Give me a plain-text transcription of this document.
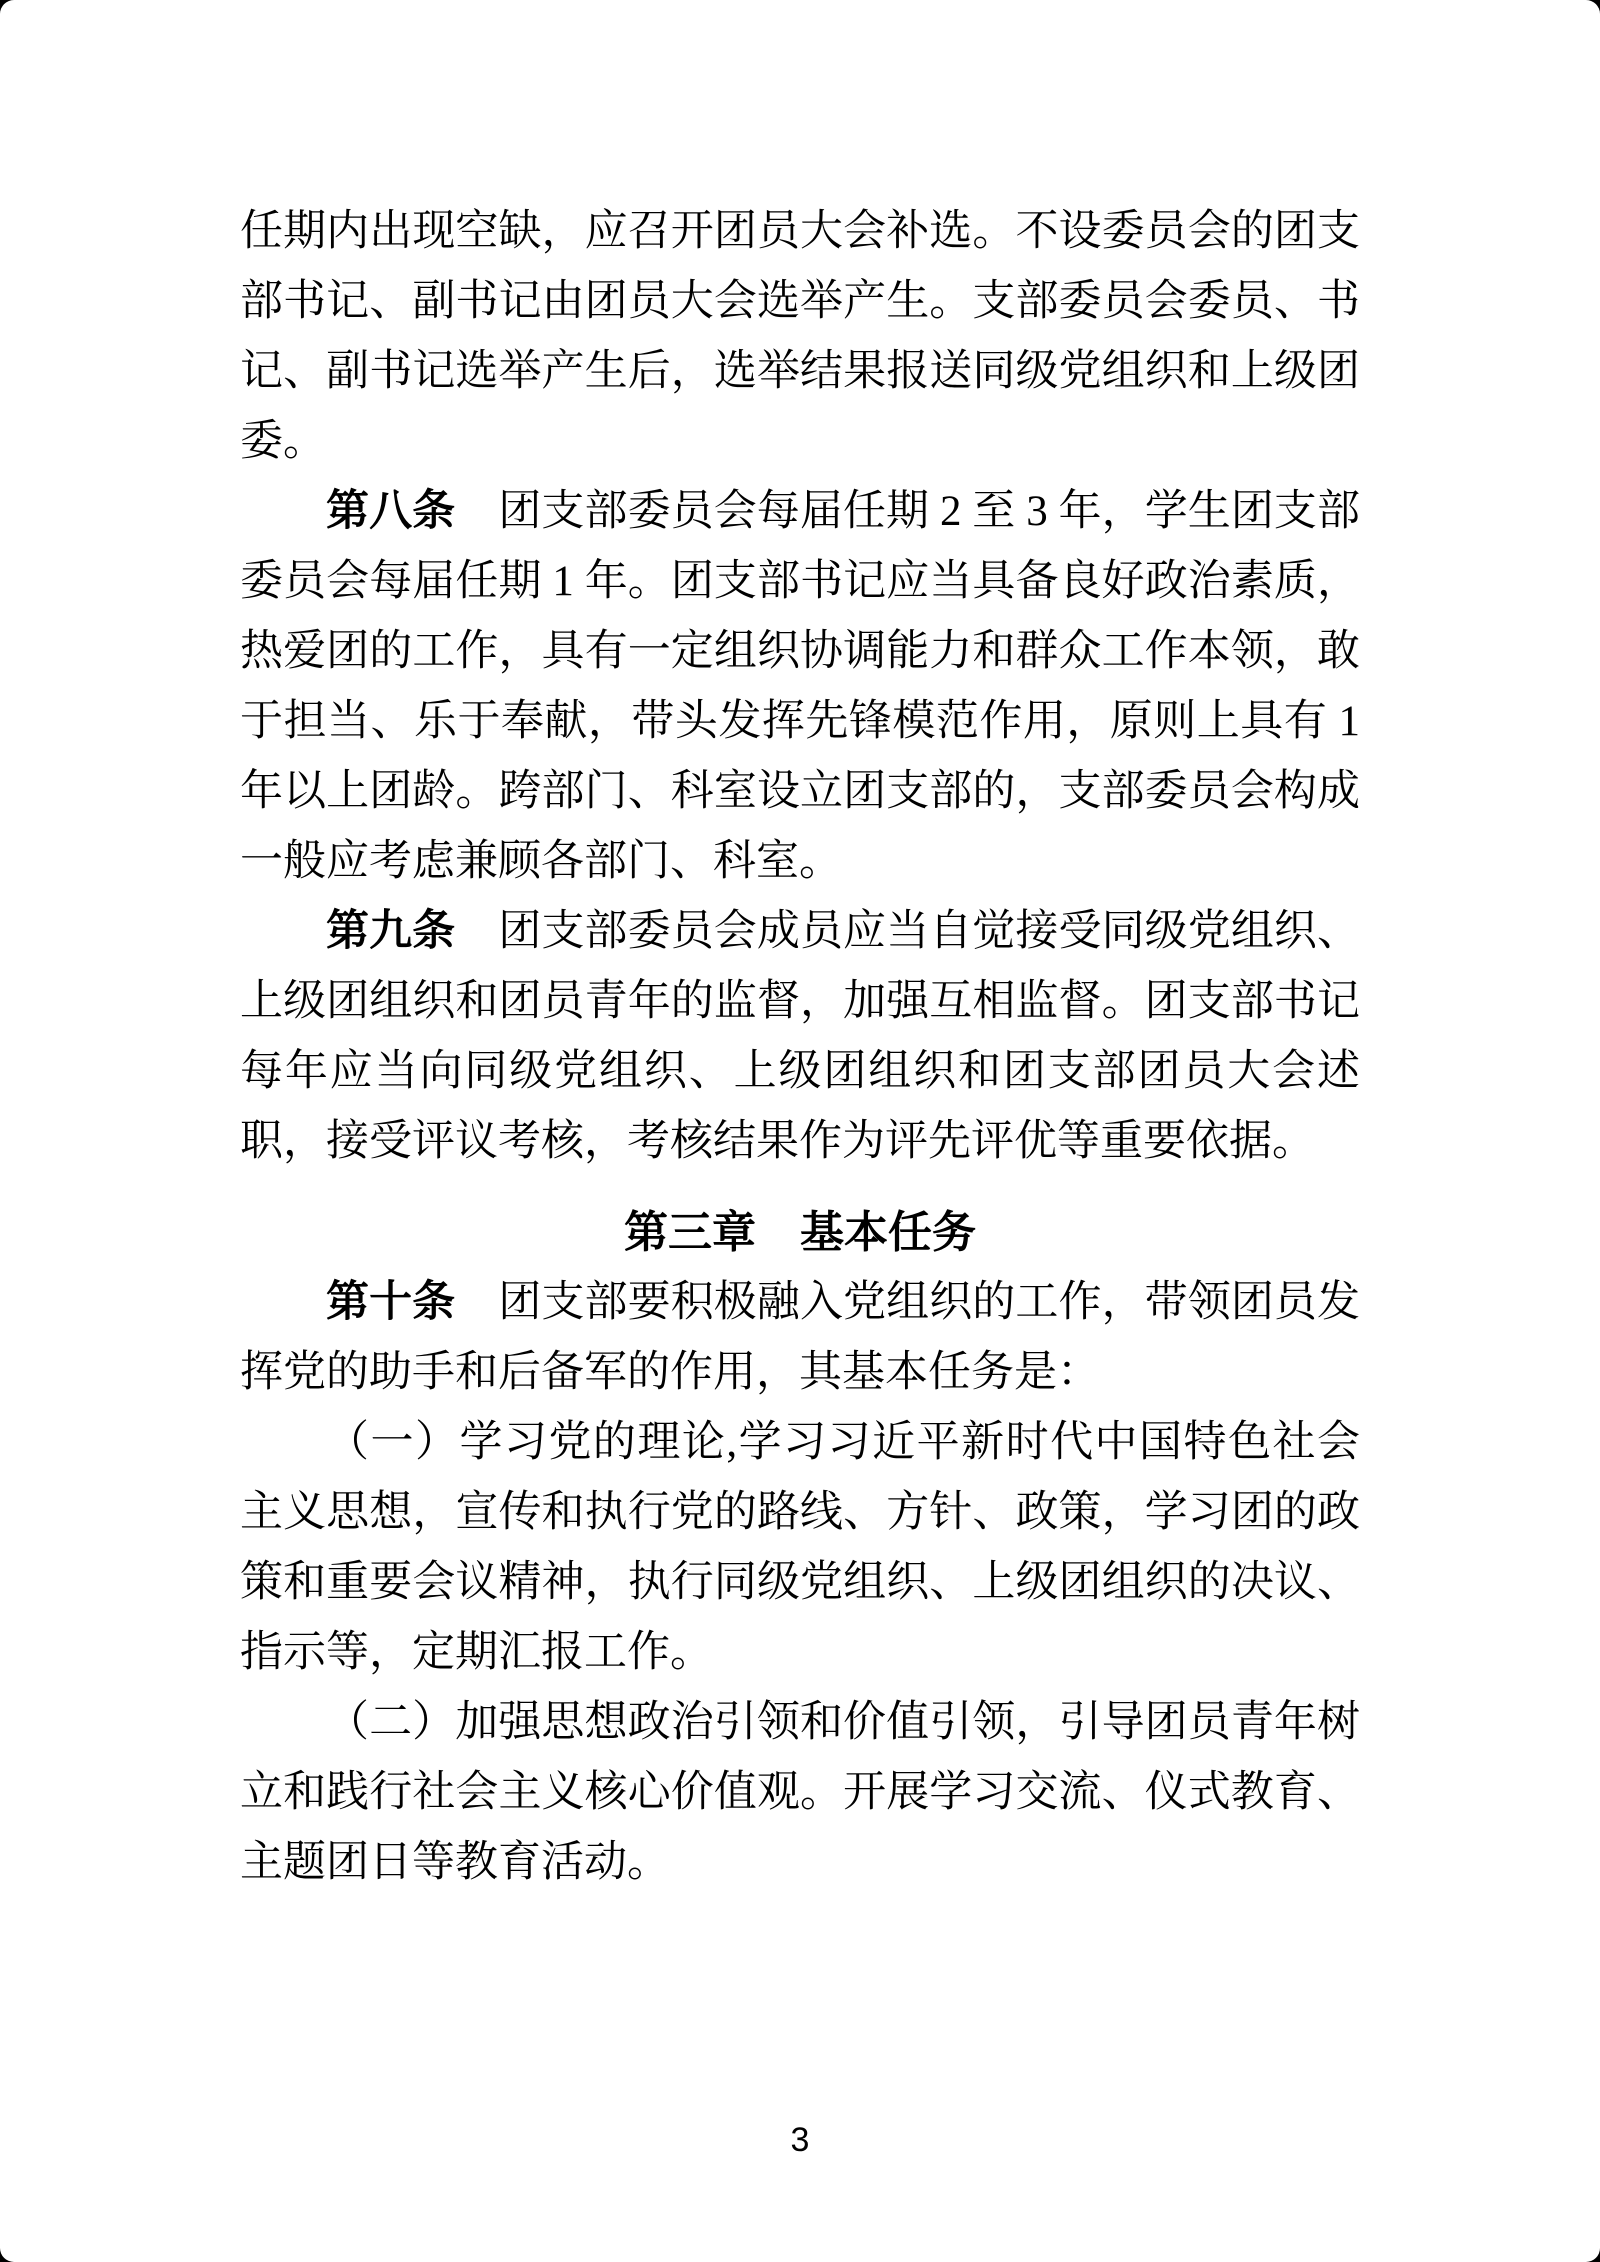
任期内出现空缺，应召开团员大会补选。不设委员会的团支部书记、副书记由团员大会选举产生。支部委员会委员、书记、副书记选举产生后，选举结果报送同级党组织和上级团委。

第八条　团支部委员会每届任期 2 至 3 年，学生团支部委员会每届任期 1 年。团支部书记应当具备良好政治素质，热爱团的工作，具有一定组织协调能力和群众工作本领，敢于担当、乐于奉献，带头发挥先锋模范作用，原则上具有 1 年以上团龄。跨部门、科室设立团支部的，支部委员会构成一般应考虑兼顾各部门、科室。

第九条　团支部委员会成员应当自觉接受同级党组织、上级团组织和团员青年的监督，加强互相监督。团支部书记每年应当向同级党组织、上级团组织和团支部团员大会述职，接受评议考核，考核结果作为评先评优等重要依据。

第三章　基本任务

第十条　团支部要积极融入党组织的工作，带领团员发挥党的助手和后备军的作用，其基本任务是：

（一）学习党的理论,学习习近平新时代中国特色社会主义思想，宣传和执行党的路线、方针、政策，学习团的政策和重要会议精神，执行同级党组织、上级团组织的决议、指示等，定期汇报工作。

（二）加强思想政治引领和价值引领，引导团员青年树立和践行社会主义核心价值观。开展学习交流、仪式教育、主题团日等教育活动。

3
